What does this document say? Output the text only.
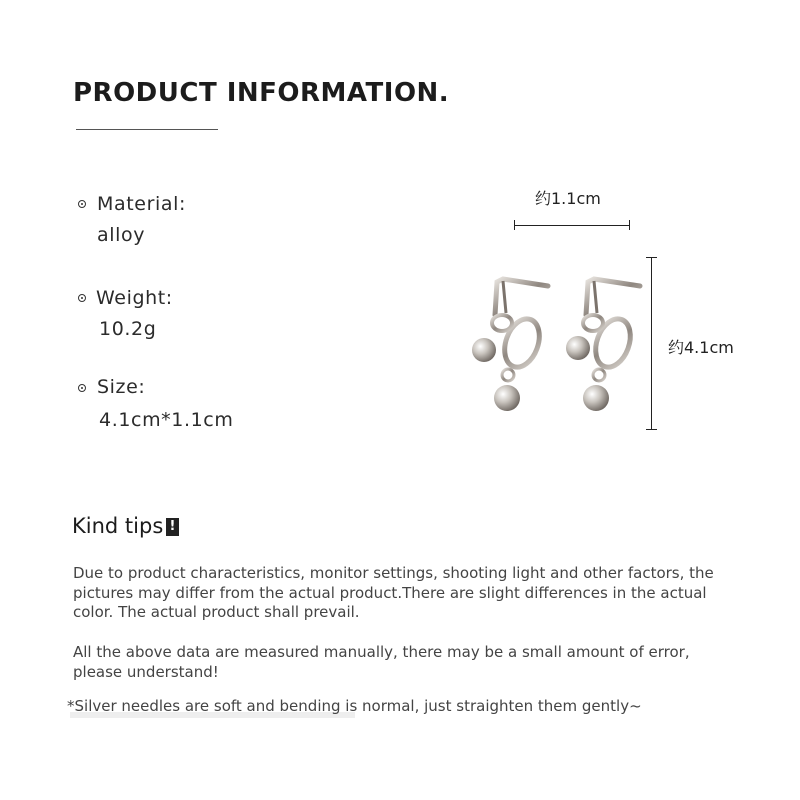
PRODUCT INFORMATION.
Material:
alloy
Weight:
10.2g
Size:
4.1cm*1.1cm
约1.1cm
约4.1cm
Kind tips !
Due to product characteristics, monitor settings, shooting light and other factors, the pictures may differ from the actual product.There are slight differences in the actual color. The actual product shall prevail.
All the above data are measured manually, there may be a small amount of error, please understand!
*Silver needles are soft and bending is normal, just straighten them gently~
